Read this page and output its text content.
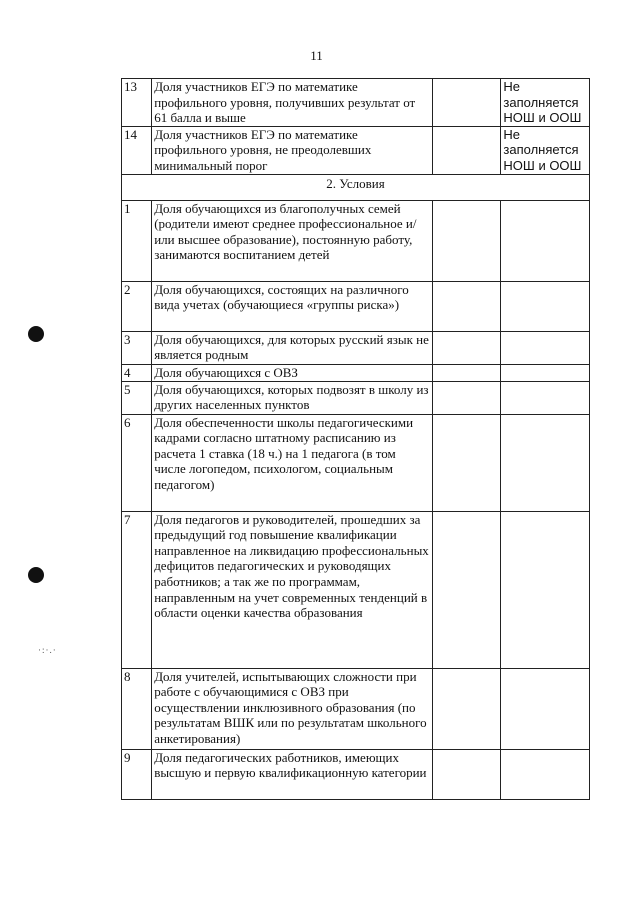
11
·:·.·
13	Доля участников ЕГЭ по математике профильного уровня, получивших результат от 61 балла и выше		Не заполняется НОШ и ООШ
14	Доля участников ЕГЭ по математике профильного уровня, не преодолевших минимальный порог		Не заполняется НОШ и ООШ
2. Условия			
1	Доля обучающихся из благополучных семей (родители имеют среднее профессиональное и/или высшее образование), постоянную работу, занимаются воспитанием детей		
2	Доля обучающихся, состоящих на различного вида учетах (обучающиеся «группы риска»)		
3	Доля обучающихся, для которых русский язык не является родным		
4	Доля обучающихся с ОВЗ		
5	Доля обучающихся, которых подвозят в школу из других населенных пунктов		
6	Доля обеспеченности школы педагогическими кадрами согласно штатному расписанию из расчета 1 ставка (18 ч.) на 1 педагога (в том числе логопедом, психологом, социальным педагогом)		
7	Доля педагогов и руководителей, прошедших за предыдущий год повышение квалификации направленное на ликвидацию профессиональных дефицитов педагогических и руководящих работников; а так же по программам, направленным на учет современных тенденций в области оценки качества образования		
8	Доля учителей, испытывающих сложности при работе с обучающимися с ОВЗ при осуществлении инклюзивного образования (по результатам ВШК или по результатам школьного анкетирования)		
9	Доля педагогических работников, имеющих высшую и первую квалификационную категории		
